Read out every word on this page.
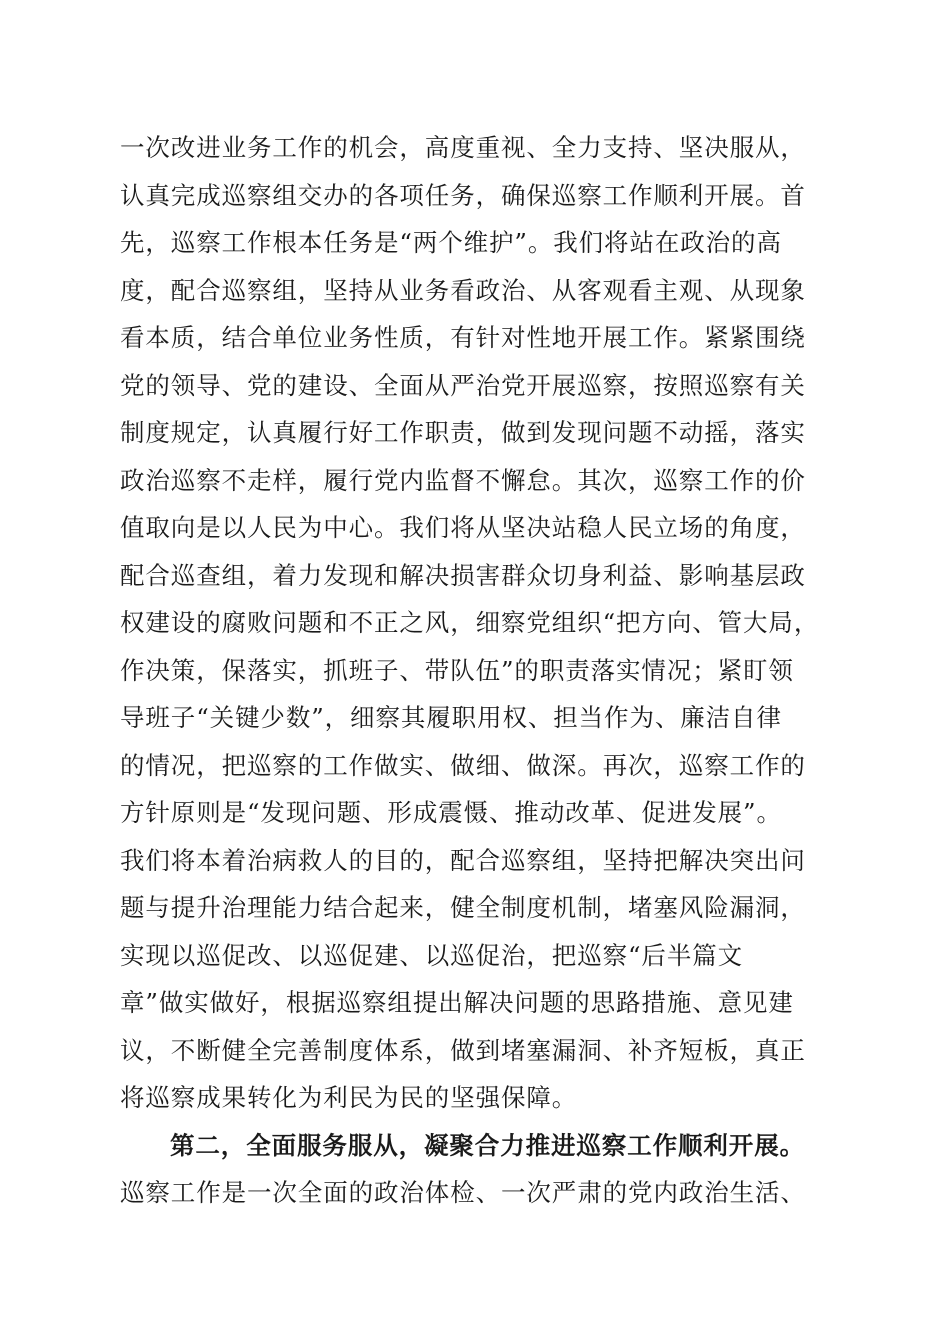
一次改进业务工作的机会，高度重视、全力支持、坚决服从，
认真完成巡察组交办的各项任务，确保巡察工作顺利开展。首
先，巡察工作根本任务是“两个维护”。我们将站在政治的高
度，配合巡察组，坚持从业务看政治、从客观看主观、从现象
看本质，结合单位业务性质，有针对性地开展工作。紧紧围绕
党的领导、党的建设、全面从严治党开展巡察，按照巡察有关
制度规定，认真履行好工作职责，做到发现问题不动摇，落实
政治巡察不走样，履行党内监督不懈怠。其次，巡察工作的价
值取向是以人民为中心。我们将从坚决站稳人民立场的角度，
配合巡查组，着力发现和解决损害群众切身利益、影响基层政
权建设的腐败问题和不正之风，细察党组织“把方向、管大局，
作决策，保落实，抓班子、带队伍”的职责落实情况；紧盯领
导班子“关键少数”，细察其履职用权、担当作为、廉洁自律
的情况，把巡察的工作做实、做细、做深。再次，巡察工作的
方针原则是“发现问题、形成震慑、推动改革、促进发展”。
我们将本着治病救人的目的，配合巡察组，坚持把解决突出问
题与提升治理能力结合起来，健全制度机制，堵塞风险漏洞，
实现以巡促改、以巡促建、以巡促治，把巡察“后半篇文
章”做实做好，根据巡察组提出解决问题的思路措施、意见建
议，不断健全完善制度体系，做到堵塞漏洞、补齐短板，真正
将巡察成果转化为利民为民的坚强保障。
第二，全面服务服从，凝聚合力推进巡察工作顺利开展。
巡察工作是一次全面的政治体检、一次严肃的党内政治生活、
